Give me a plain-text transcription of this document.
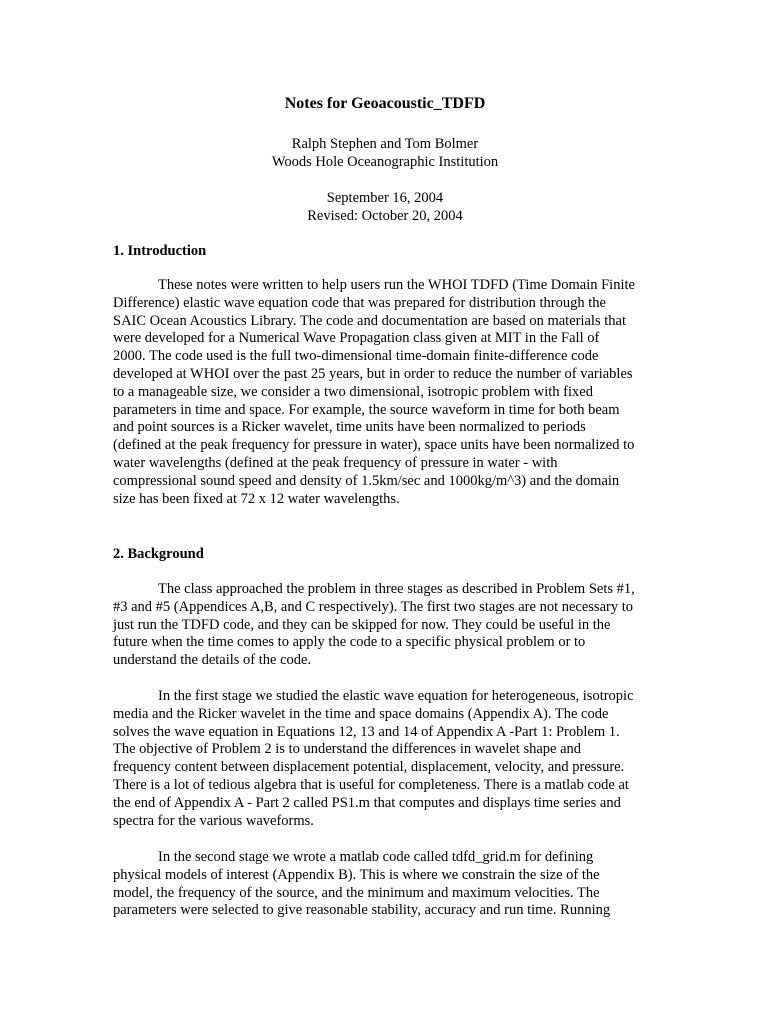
Notes for Geoacoustic_TDFD
Ralph Stephen and Tom Bolmer
Woods Hole Oceanographic Institution
September 16, 2004
Revised: October 20, 2004
1. Introduction
These notes were written to help users run the WHOI TDFD (Time Domain Finite
Difference) elastic wave equation code that was prepared for distribution through the
SAIC Ocean Acoustics Library. The code and documentation are based on materials that
were developed for a Numerical Wave Propagation class given at MIT in the Fall of
2000. The code used is the full two-dimensional time-domain finite-difference code
developed at WHOI over the past 25 years, but in order to reduce the number of variables
to a manageable size, we consider a two dimensional, isotropic problem with fixed
parameters in time and space. For example, the source waveform in time for both beam
and point sources is a Ricker wavelet, time units have been normalized to periods
(defined at the peak frequency for pressure in water), space units have been normalized to
water wavelengths (defined at the peak frequency of pressure in water - with
compressional sound speed and density of 1.5km/sec and 1000kg/m^3) and the domain
size has been fixed at 72 x 12 water wavelengths.
2. Background
The class approached the problem in three stages as described in Problem Sets #1,
#3 and #5 (Appendices A,B, and C respectively). The first two stages are not necessary to
just run the TDFD code, and they can be skipped for now. They could be useful in the
future when the time comes to apply the code to a specific physical problem or to
understand the details of the code.
In the first stage we studied the elastic wave equation for heterogeneous, isotropic
media and the Ricker wavelet in the time and space domains (Appendix A). The code
solves the wave equation in Equations 12, 13 and 14 of Appendix A -Part 1: Problem 1.
The objective of Problem 2 is to understand the differences in wavelet shape and
frequency content between displacement potential, displacement, velocity, and pressure.
There is a lot of tedious algebra that is useful for completeness. There is a matlab code at
the end of Appendix A - Part 2 called PS1.m that computes and displays time series and
spectra for the various waveforms.
In the second stage we wrote a matlab code called tdfd_grid.m for defining
physical models of interest (Appendix B). This is where we constrain the size of the
model, the frequency of the source, and the minimum and maximum velocities. The
parameters were selected to give reasonable stability, accuracy and run time. Running
